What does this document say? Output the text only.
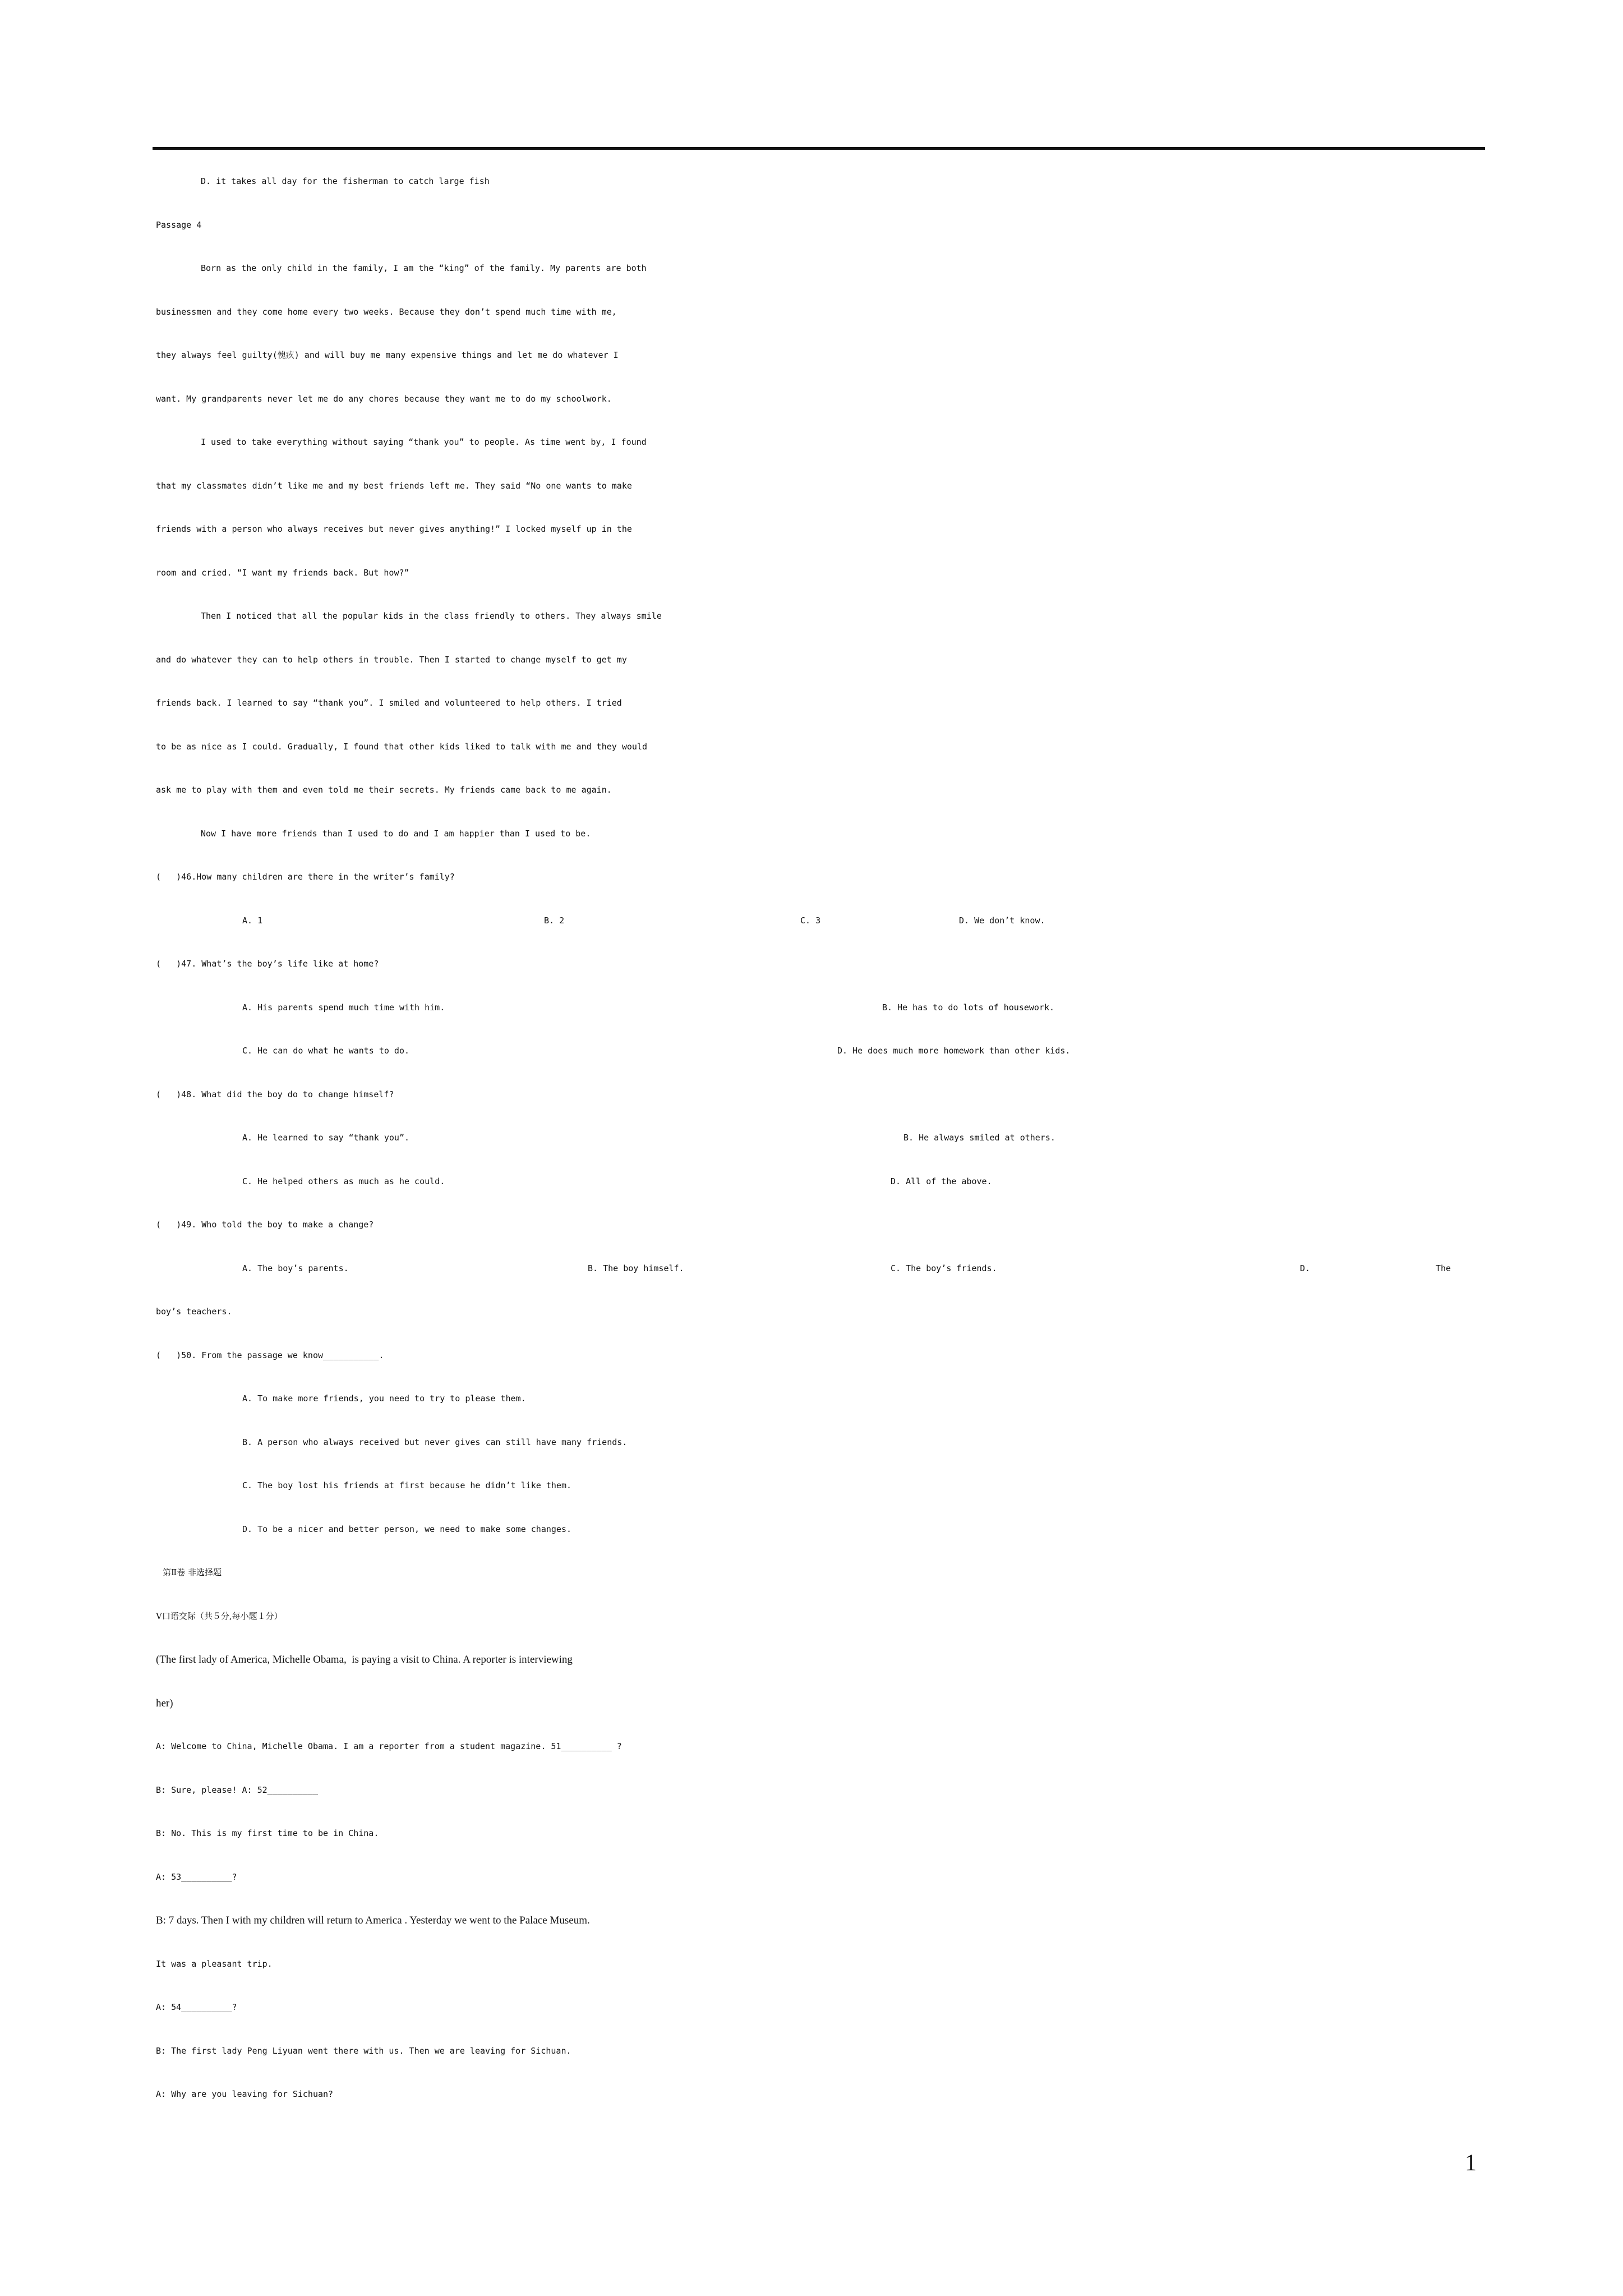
D. it takes all day for the fisherman to catch large fish
Passage 4
Born as the only child in the family, I am the “king” of the family. My parents are both
businessmen and they come home every two weeks. Because they don’t spend much time with me,
they always feel guilty(愧疚) and will buy me many expensive things and let me do whatever I
want. My grandparents never let me do any chores because they want me to do my schoolwork.
I used to take everything without saying “thank you” to people. As time went by, I found
that my classmates didn’t like me and my best friends left me. They said “No one wants to make
friends with a person who always receives but never gives anything!” I locked myself up in the
room and cried. “I want my friends back. But how?”
Then I noticed that all the popular kids in the class friendly to others. They always smile
and do whatever they can to help others in trouble. Then I started to change myself to get my
friends back. I learned to say “thank you”. I smiled and volunteered to help others. I tried
to be as nice as I could. Gradually, I found that other kids liked to talk with me and they would
ask me to play with them and even told me their secrets. My friends came back to me again.
Now I have more friends than I used to do and I am happier than I used to be.
(   )46.How many children are there in the writer’s family?

A. 1

	B. 2

	C. 3

	D. We don’t know.

(   )47. What’s the boy’s life like at home?

A. His parents spend much time with him.

	B. He has to do lots of housework.

C. He can do what he wants to do.

	D. He does much more homework than other kids.

(   )48. What did the boy do to change himself?

A. He learned to say “thank you”.

	B. He always smiled at others.

C. He helped others as much as he could.

	D. All of the above.

(   )49. Who told the boy to make a change?

A. The boy’s parents.

	B. The boy himself.

	C. The boy’s friends.

	D.

	The

boy’s teachers.
(   )50. From the passage we know___________.
A. To make more friends, you need to try to please them.
B. A person who always received but never gives can still have many friends.
C. The boy lost his friends at first because he didn’t like them.
D. To be a nicer and better person, we need to make some changes.
第Ⅱ卷 非选择题
Ⅴ口语交际（共５分,每小题１分）
(The first lady of America, Michelle Obama,  is paying a visit to China. A reporter is interviewing
her)
A: Welcome to China, Michelle Obama. I am a reporter from a student magazine. 51__________ ?
B: Sure, please! A: 52__________
B: No. This is my first time to be in China.
A: 53__________?
B: 7 days. Then I with my children will return to America . Yesterday we went to the Palace Museum.
It was a pleasant trip.
A: 54__________?
B: The first lady Peng Liyuan went there with us. Then we are leaving for Sichuan.
A: Why are you leaving for Sichuan?
1
